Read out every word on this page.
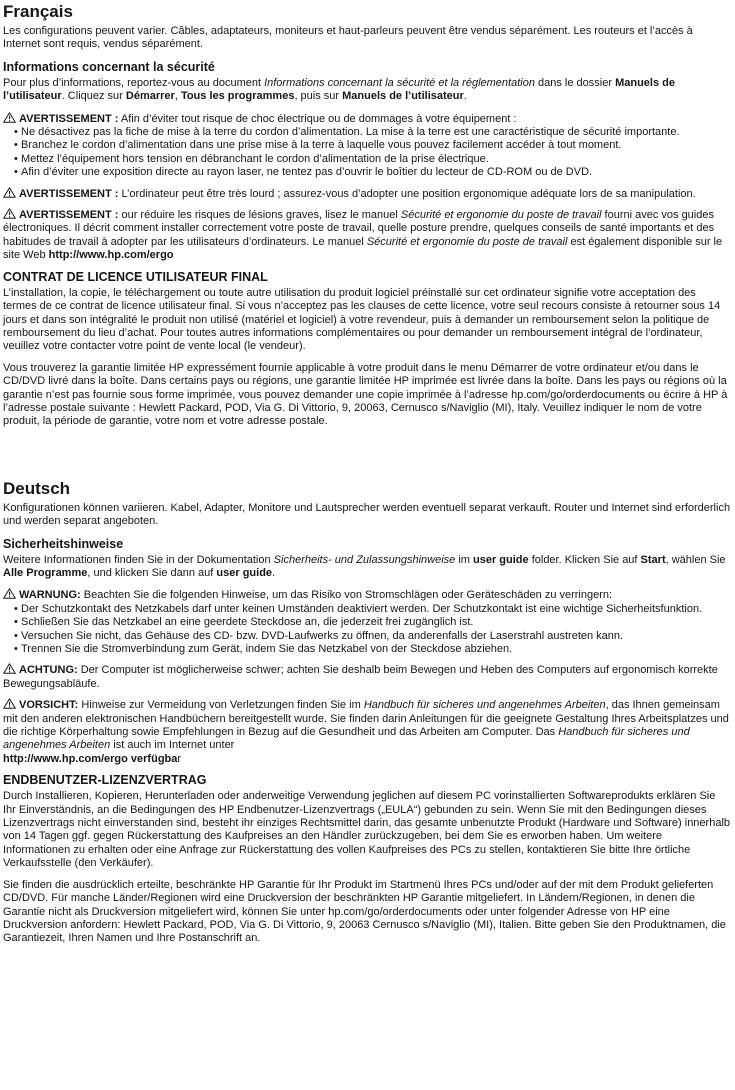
Français

Les configurations peuvent varier. Câbles, adaptateurs, moniteurs et haut-parleurs peuvent être vendus séparément. Les routeurs et l’accès à Internet sont requis, vendus séparément.

Informations concernant la sécurité

Pour plus d’informations, reportez-vous au document Informations concernant la sécurité et la réglementation dans le dossier Manuels de l’utilisateur. Cliquez sur Démarrer, Tous les programmes, puis sur Manuels de l’utilisateur.

AVERTISSEMENT : Afin d’éviter tout risque de choc électrique ou de dommages à votre équipement :

• Ne désactivez pas la fiche de mise à la terre du cordon d’alimentation. La mise à la terre est une caractéristique de sécurité importante.
• Branchez le cordon d’alimentation dans une prise mise à la terre à laquelle vous pouvez facilement accéder à tout moment.
• Mettez l’équipement hors tension en débranchant le cordon d’alimentation de la prise électrique.
• Afin d’éviter une exposition directe au rayon laser, ne tentez pas d’ouvrir le boîtier du lecteur de CD-ROM ou de DVD.

AVERTISSEMENT : L’ordinateur peut être très lourd ; assurez-vous d’adopter une position ergonomique adéquate lors de sa manipulation.

AVERTISSEMENT : our réduire les risques de lésions graves, lisez le manuel Sécurité et ergonomie du poste de travail fourni avec vos guides électroniques. Il décrit comment installer correctement votre poste de travail, quelle posture prendre, quelques conseils de santé importants et des habitudes de travail à adopter par les utilisateurs d’ordinateurs. Le manuel Sécurité et ergonomie du poste de travail est également disponible sur le site Web http://www.hp.com/ergo

CONTRAT DE LICENCE UTILISATEUR FINAL

L’installation, la copie, le téléchargement ou toute autre utilisation du produit logiciel préinstallé sur cet ordinateur signifie votre acceptation des termes de ce contrat de licence utilisateur final. Si vous n’acceptez pas les clauses de cette licence, votre seul recours consiste à retourner sous 14 jours et dans son intégralité le produit non utilisé (matériel et logiciel) à votre revendeur, puis à demander un remboursement selon la politique de remboursement du lieu d’achat. Pour toutes autres informations complémentaires ou pour demander un remboursement intégral de l’ordinateur, veuillez votre contacter votre point de vente local (le vendeur).

Vous trouverez la garantie limitée HP expressément fournie applicable à votre produit dans le menu Démarrer de votre ordinateur et/ou dans le CD/DVD livré dans la boîte. Dans certains pays ou régions, une garantie limitée HP imprimée est livrée dans la boîte. Dans les pays ou régions où la garantie n’est pas fournie sous forme imprimée, vous pouvez demander une copie imprimée à l’adresse hp.com/go/orderdocuments ou écrire à HP à l’adresse postale suivante : Hewlett Packard, POD, Via G. Di Vittorio, 9, 20063, Cernusco s/Naviglio (MI), Italy. Veuillez indiquer le nom de votre produit, la période de garantie, votre nom et votre adresse postale.

Deutsch

Konfigurationen können variieren. Kabel, Adapter, Monitore und Lautsprecher werden eventuell separat verkauft. Router und Internet sind erforderlich und werden separat angeboten.

Sicherheitshinweise

Weitere Informationen finden Sie in der Dokumentation Sicherheits- und Zulassungshinweise im user guide folder. Klicken Sie auf Start, wählen Sie Alle Programme, und klicken Sie dann auf user guide.

WARNUNG: Beachten Sie die folgenden Hinweise, um das Risiko von Stromschlägen oder Geräteschäden zu verringern:

• Der Schutzkontakt des Netzkabels darf unter keinen Umständen deaktiviert werden. Der Schutzkontakt ist eine wichtige Sicherheitsfunktion.
• Schließen Sie das Netzkabel an eine geerdete Steckdose an, die jederzeit frei zugänglich ist.
• Versuchen Sie nicht, das Gehäuse des CD- bzw. DVD-Laufwerks zu öffnen, da anderenfalls der Laserstrahl austreten kann.
• Trennen Sie die Stromverbindung zum Gerät, indem Sie das Netzkabel von der Steckdose abziehen.

ACHTUNG: Der Computer ist möglicherweise schwer; achten Sie deshalb beim Bewegen und Heben des Computers auf ergonomisch korrekte Bewegungsabläufe.

VORSICHT: Hinweise zur Vermeidung von Verletzungen finden Sie im Handbuch für sicheres und angenehmes Arbeiten, das Ihnen gemeinsam mit den anderen elektronischen Handbüchern bereitgestellt wurde. Sie finden darin Anleitungen für die geeignete Gestaltung Ihres Arbeitsplatzes und die richtige Körperhaltung sowie Empfehlungen in Bezug auf die Gesundheit und das Arbeiten am Computer. Das Handbuch für sicheres und angenehmes Arbeiten ist auch im Internet unter
http://www.hp.com/ergo verfügbar

ENDBENUTZER-LIZENZVERTRAG

Durch Installieren, Kopieren, Herunterladen oder anderweitige Verwendung jeglichen auf diesem PC vorinstallierten Softwareprodukts erklären Sie Ihr Einverständnis, an die Bedingungen des HP Endbenutzer-Lizenzvertrags („EULA“) gebunden zu sein. Wenn Sie mit den Bedingungen dieses Lizenzvertrags nicht einverstanden sind, besteht ihr einziges Rechtsmittel darin, das gesamte unbenutzte Produkt (Hardware und Software) innerhalb von 14 Tagen ggf. gegen Rückerstattung des Kaufpreises an den Händler zurückzugeben, bei dem Sie es erworben haben. Um weitere Informationen zu erhalten oder eine Anfrage zur Rückerstattung des vollen Kaufpreises des PCs zu stellen, kontaktieren Sie bitte Ihre örtliche Verkaufsstelle (den Verkäufer).

Sie finden die ausdrücklich erteilte, beschränkte HP Garantie für Ihr Produkt im Startmenü Ihres PCs und/oder auf der mit dem Produkt gelieferten CD/DVD. Für manche Länder/Regionen wird eine Druckversion der beschränkten HP Garantie mitgeliefert. In Ländern/Regionen, in denen die Garantie nicht als Druckversion mitgeliefert wird, können Sie unter hp.com/go/orderdocuments oder unter folgender Adresse von HP eine Druckversion anfordern: Hewlett Packard, POD, Via G. Di Vittorio, 9, 20063 Cernusco s/Naviglio (MI), Italien. Bitte geben Sie den Produktnamen, die Garantiezeit, Ihren Namen und Ihre Postanschrift an.
